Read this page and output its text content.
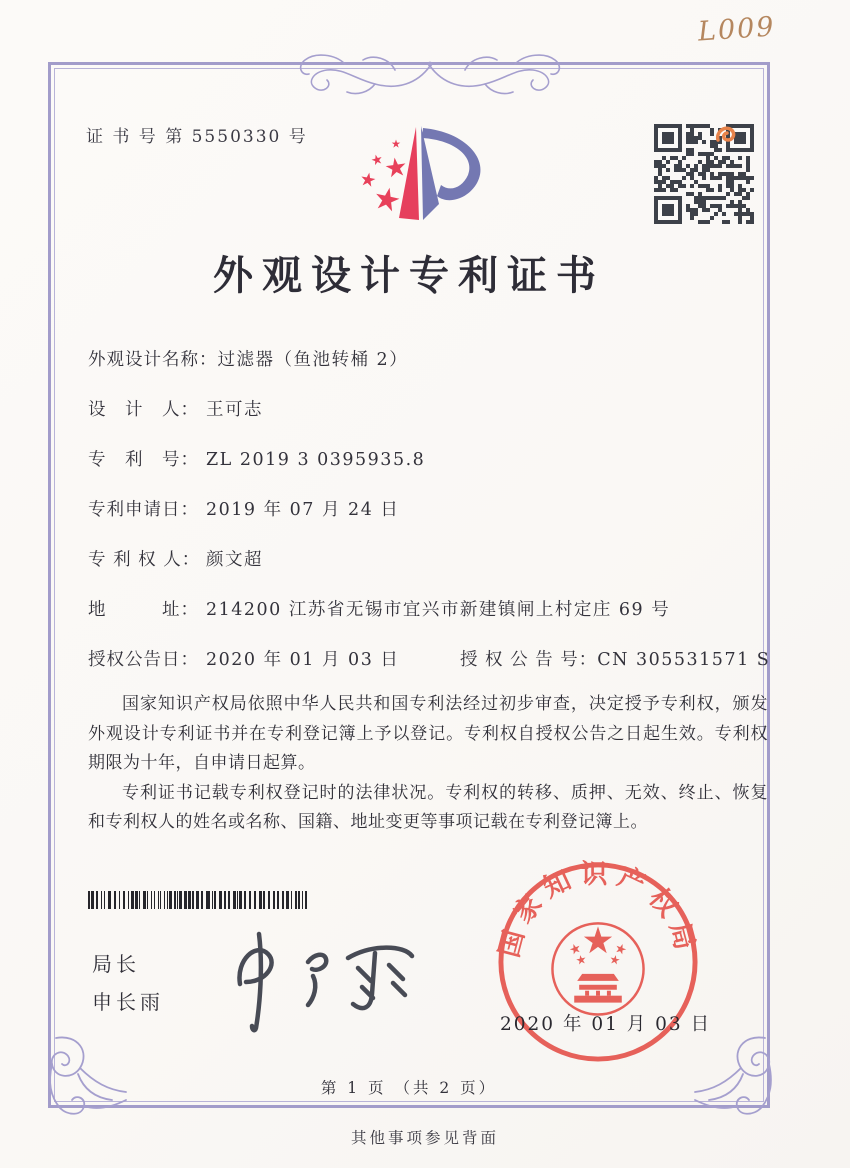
L009
证 书 号 第 5550330 号
外观设计专利证书
外观设计名称：过滤器（鱼池转桶 2）
设　计　人： 王可志
专　利　号： ZL 2019 3 0395935.8
专利申请日： 2019 年 07 月 24 日
专 利 权 人： 颜文超
地　　　址： 214200 江苏省无锡市宜兴市新建镇闸上村定庄 69 号
授权公告日： 2020 年 01 月 03 日	授 权 公 告 号：CN 305531571 S

国家知识产权局依照中华人民共和国专利法经过初步审查，决定授予专利权，颁发外观设计专利证书并在专利登记簿上予以登记。专利权自授权公告之日起生效。专利权期限为十年，自申请日起算。

专利证书记载专利权登记时的法律状况。专利权的转移、质押、无效、终止、恢复和专利权人的姓名或名称、国籍、地址变更等事项记载在专利登记簿上。

局长
申长雨
国家知识产权局
2020 年 01 月 03 日
第 1 页 （共 2 页）
其他事项参见背面
